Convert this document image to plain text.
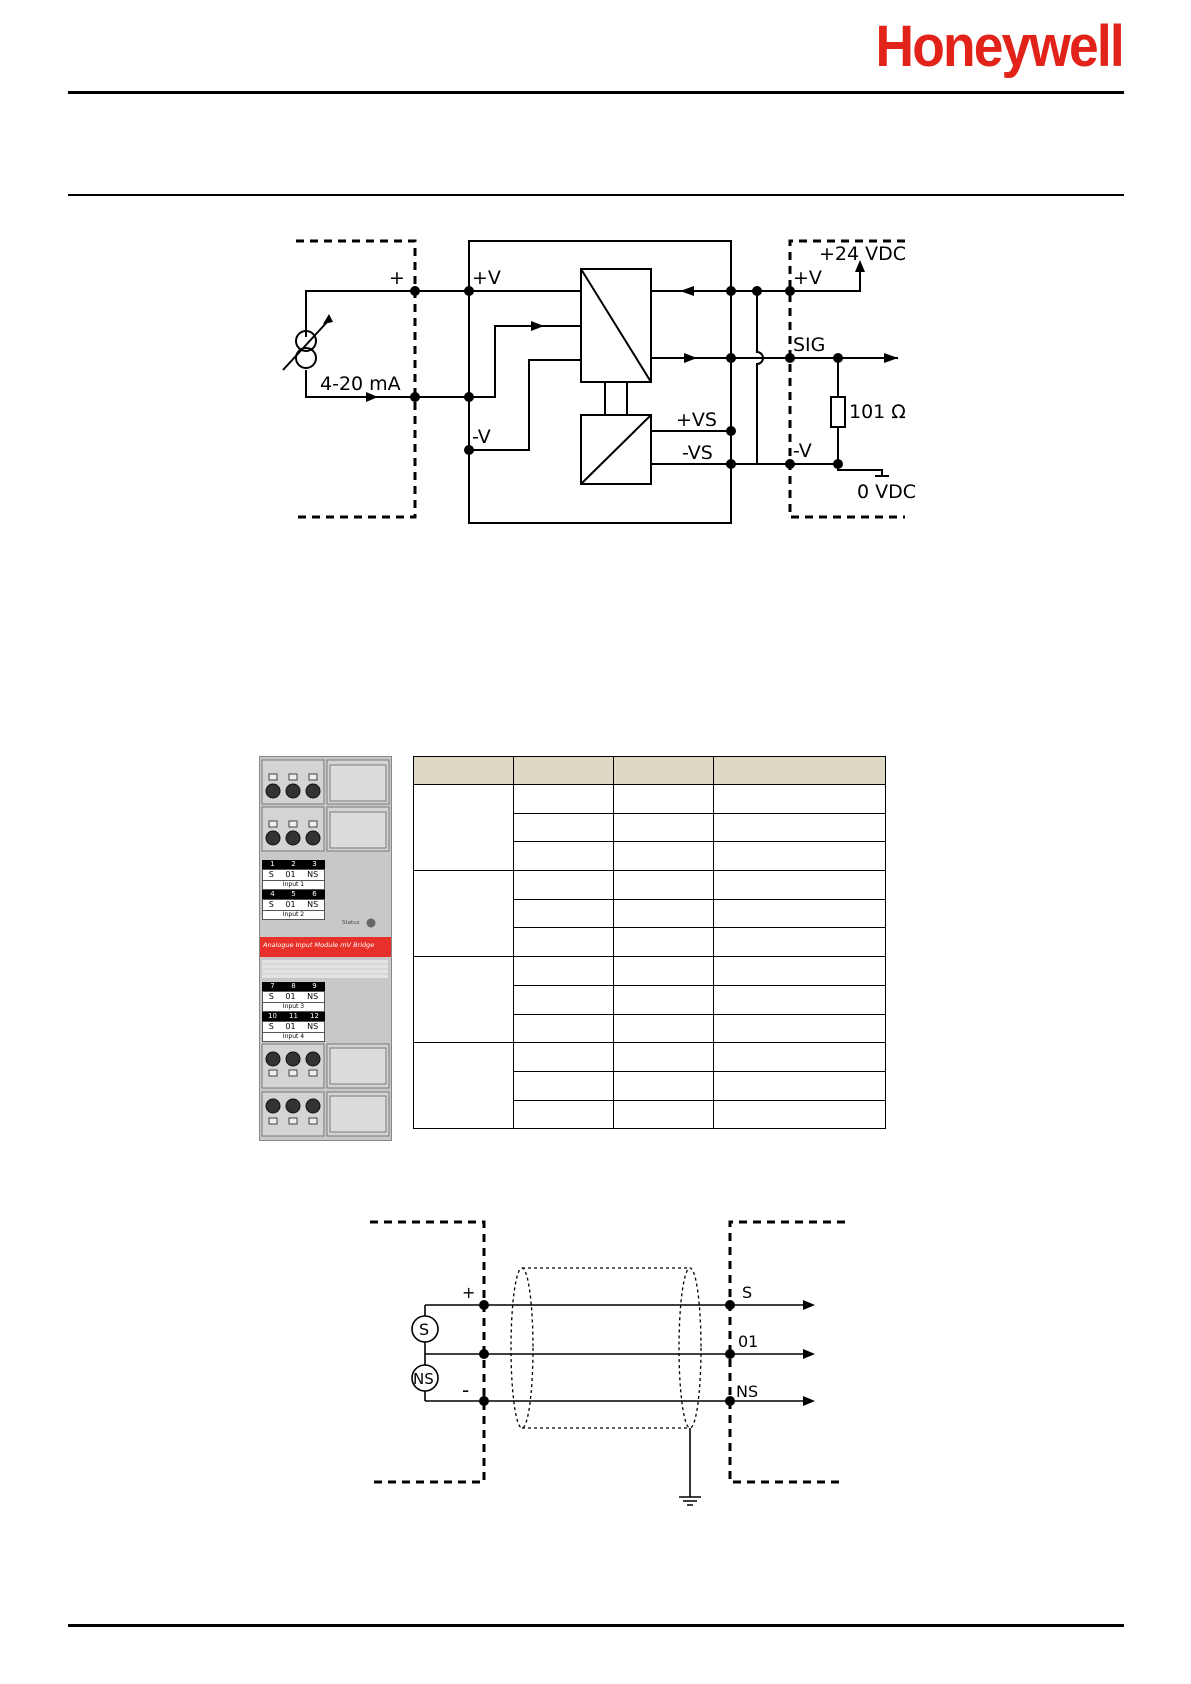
Honeywell
+
4-20 mA
+V
-V
+VS
-VS
+24 VDC
+V
SIG
101 Ω
-V
0 VDC
1 2 3
S 01 NS
Input 1
4 5 6
S 01 NS
Input 2
Status
Analogue Input Module mV Bridge
7 8 9
S 01 NS
Input 3
10 11 12
S 01 NS
Input 4

+
-
S
NS
S
01
NS
